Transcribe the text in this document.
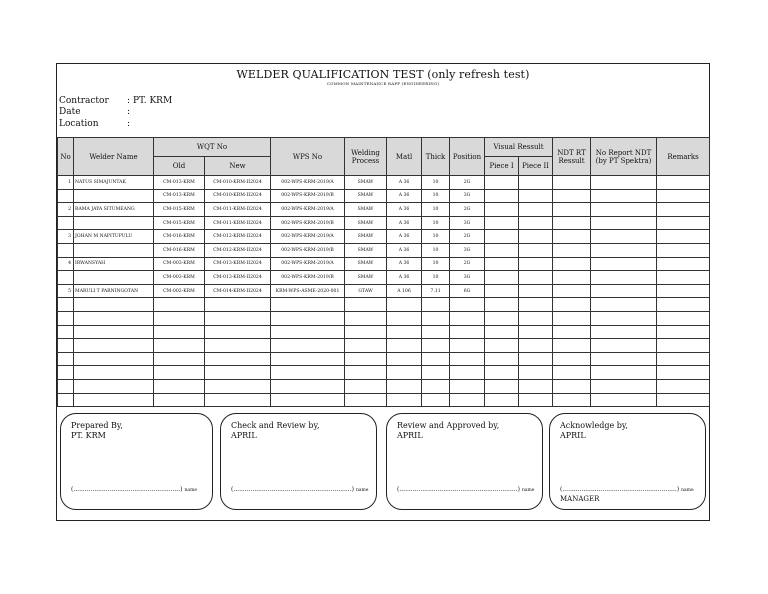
WELDER QUALIFICATION TEST (only refresh test)
COMMON MAINTENANCE RAPP (ENGINEERING)
Contractor : PT. KRM
Date	:
Location	:
No	Welder Name	WQT No		WPS No	Welding Process	Matl	Thick	Position	Visual Ressult		NDT RT Ressult	No Report NDT (by PT Spektra)	Remarks
		Old	New						Piece I	Piece II			
1	NATUS SIMAJUNTAK	CM-013-KRM	CM-010-KRM-II2024	002-WPS-KRM-2019/A	SMAW	A 36	10	2G					
		CM-013-KRM	CM-010-KRM-II2024	002-WPS-KRM-2019/B	SMAW	A 36	10	3G					
2	RAMA JAYA SITUMEANG	CM-015-KRM	CM-011-KRM-II2024	002-WPS-KRM-2019/A	SMAW	A 36	10	2G					
		CM-015-KRM	CM-011-KRM-II2024	002-WPS-KRM-2019/B	SMAW	A 36	10	3G					
3	JOHAN M NAPITUPULU	CM-016-KRM	CM-012-KRM-II2024	002-WPS-KRM-2019/A	SMAW	A 36	10	2G					
		CM-016-KRM	CM-012-KRM-II2024	002-WPS-KRM-2019/B	SMAW	A 36	10	3G					
4	IRWANSYAH	CM-003-KRM	CM-013-KRM-II2024	002-WPS-KRM-2019/A	SMAW	A 36	10	2G					
		CM-003-KRM	CM-013-KRM-II2024	002-WPS-KRM-2019/B	SMAW	A 36	10	3G					
5	MARULI T PARNINGOTAN	CM-002-KRM	CM-014-KRM-II2024	KRM-WPS-ASME-2020-001	GTAW	A 106	7.11	6G					

Prepared By,
PT. KRM
(........................................................) name
Check and Review by,
APRIL
(..............................................................) name
Review and Approved by,
APRIL
(..............................................................) name
Acknowledge by,
APRIL
(............................................................) name
MANAGER
